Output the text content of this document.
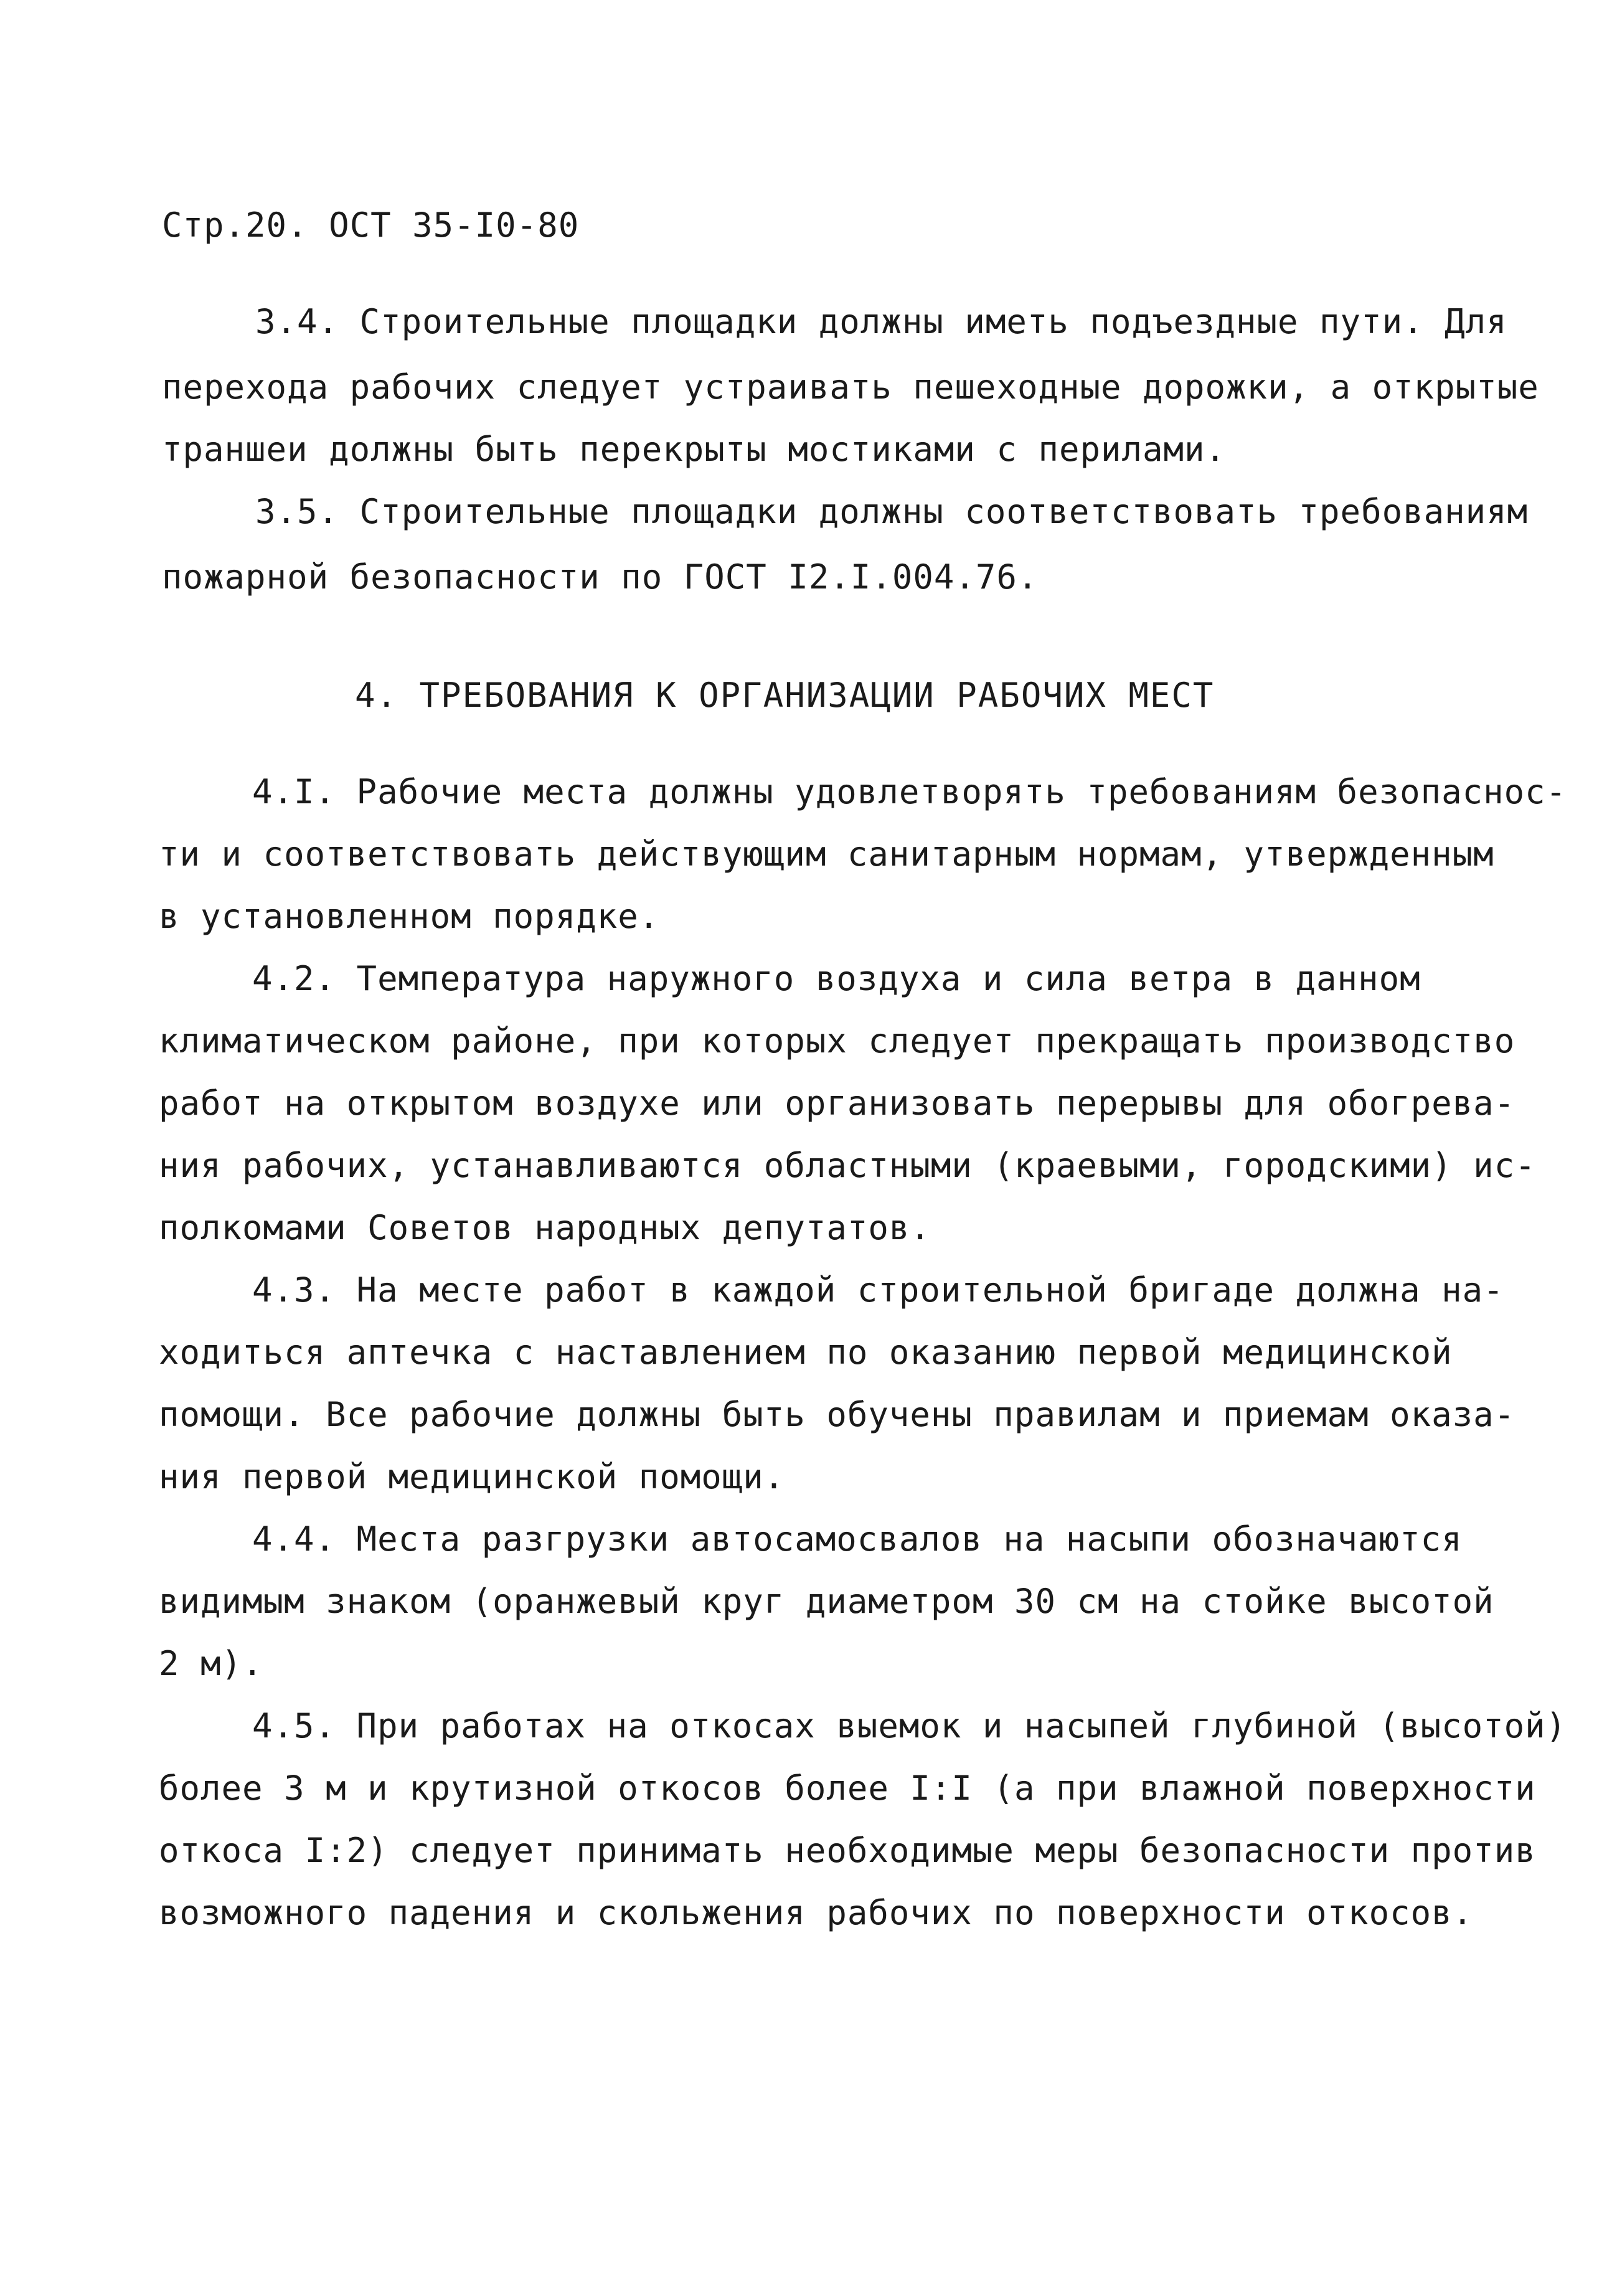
Стр.20. ОСТ 35-I0-80
3.4. Строительные площадки должны иметь подъездные пути. Для
перехода рабочих следует устраивать пешеходные дорожки, а открытые
траншеи должны быть перекрыты мостиками с перилами.
3.5. Строительные площадки должны соответствовать требованиям
пожарной безопасности по ГОСТ I2.I.004.76.
4. ТРЕБОВАНИЯ К ОРГАНИЗАЦИИ РАБОЧИХ МЕСТ
4.I. Рабочие места должны удовлетворять требованиям безопаснос-
ти и соответствовать действующим санитарным нормам, утвержденным
в установленном порядке.
4.2. Температура наружного воздуха и сила ветра в данном
климатическом районе, при которых следует прекращать производство
работ на открытом воздухе или организовать перерывы для обогрева-
ния рабочих, устанавливаются областными (краевыми, городскими) ис-
полкомами Советов народных депутатов.
4.3. На месте работ в каждой строительной бригаде должна на-
ходиться аптечка с наставлением по оказанию первой медицинской
помощи. Все рабочие должны быть обучены правилам и приемам оказа-
ния первой медицинской помощи.
4.4. Места разгрузки автосамосвалов на насыпи обозначаются
видимым знаком (оранжевый круг диаметром 30 см на стойке высотой
2 м).
4.5. При работах на откосах выемок и насыпей глубиной (высотой)
более 3 м и крутизной откосов более I:I (а при влажной поверхности
откоса I:2) следует принимать необходимые меры безопасности против
возможного падения и скольжения рабочих по поверхности откосов.
